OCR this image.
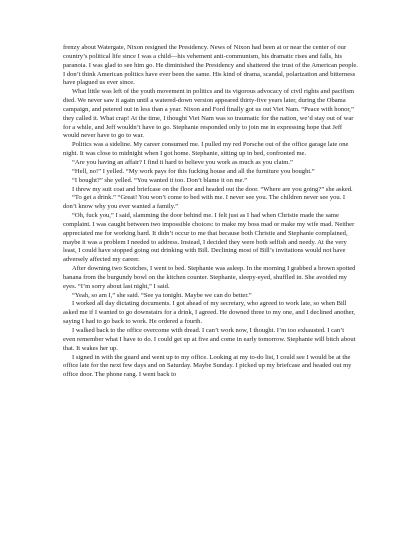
frenzy about Watergate, Nixon resigned the Presidency. News of Nixon had been at or near the center of our country’s political life since I was a child—his vehement anti-communism, his dramatic rises and falls, his paranoia. I was glad to see him go. He diminished the Presidency and shattered the trust of the American people. I don’t think American politics have ever been the same. His kind of drama, scandal, polarization and bitterness have plagued us ever since.

What little was left of the youth movement in politics and its vigorous advocacy of civil rights and pacifism died. We never saw it again until a watered-down version appeared thirty-five years later, during the Obama campaign, and petered out in less than a year. Nixon and Ford finally got us out Viet Nam. “Peace with honor,” they called it. What crap! At the time, I thought Viet Nam was so traumatic for the nation, we’d stay out of war for a while, and Jeff wouldn’t have to go. Stephanie responded only to join me in expressing hope that Jeff would never have to go to war.

Politics was a sideline. My career consumed me. I pulled my red Porsche out of the office garage late one night. It was close to midnight when I got home. Stephanie, sitting up in bed, confronted me.

“Are you having an affair? I find it hard to believe you work as much as you claim.”

“Hell, no!” I yelled. “My work pays for this fucking house and all the furniture you bought.”

“I bought?” she yelled. “You wanted it too. Don’t blame it on me.”

I threw my suit coat and briefcase on the floor and headed out the door. “Where are you going?” she asked.

“To get a drink.” “Great! You won’t come to bed with me. I never see you. The children never see you. I don’t know why you ever wanted a family.”

“Oh, fuck you,” I said, slamming the door behind me. I felt just as I had when Christie made the same complaint. I was caught between two impossible choices: to make my boss mad or make my wife mad. Neither appreciated me for working hard. It didn’t occur to me that because both Christie and Stephanie complained, maybe it was a problem I needed to address. Instead, I decided they were both selfish and needy. At the very least, I could have stopped going out drinking with Bill. Declining most of Bill’s invitations would not have adversely affected my career.

After downing two Scotches, I went to bed. Stephanie was asleep. In the morning I grabbed a brown spotted banana from the burgundy bowl on the kitchen counter. Stephanie, sleepy-eyed, shuffled in. She avoided my eyes. “I’m sorry about last night,” I said.

“Yeah, so am I,” she said. “See ya tonight. Maybe we can do better.”

I worked all day dictating documents. I got ahead of my secretary, who agreed to work late, so when Bill asked me if I wanted to go downstairs for a drink, I agreed. He downed three to my one, and I declined another, saying I had to go back to work. He ordered a fourth.

I walked back to the office overcome with dread. I can’t work now, I thought. I’m too exhausted. I can’t even remember what I have to do. I could get up at five and come in early tomorrow. Stephanie will bitch about that. It wakes her up.

I signed in with the guard and went up to my office. Looking at my to-do list, I could see I would be at the office late for the next few days and on Saturday. Maybe Sunday. I picked up my briefcase and headed out my office door. The phone rang. I went back to
